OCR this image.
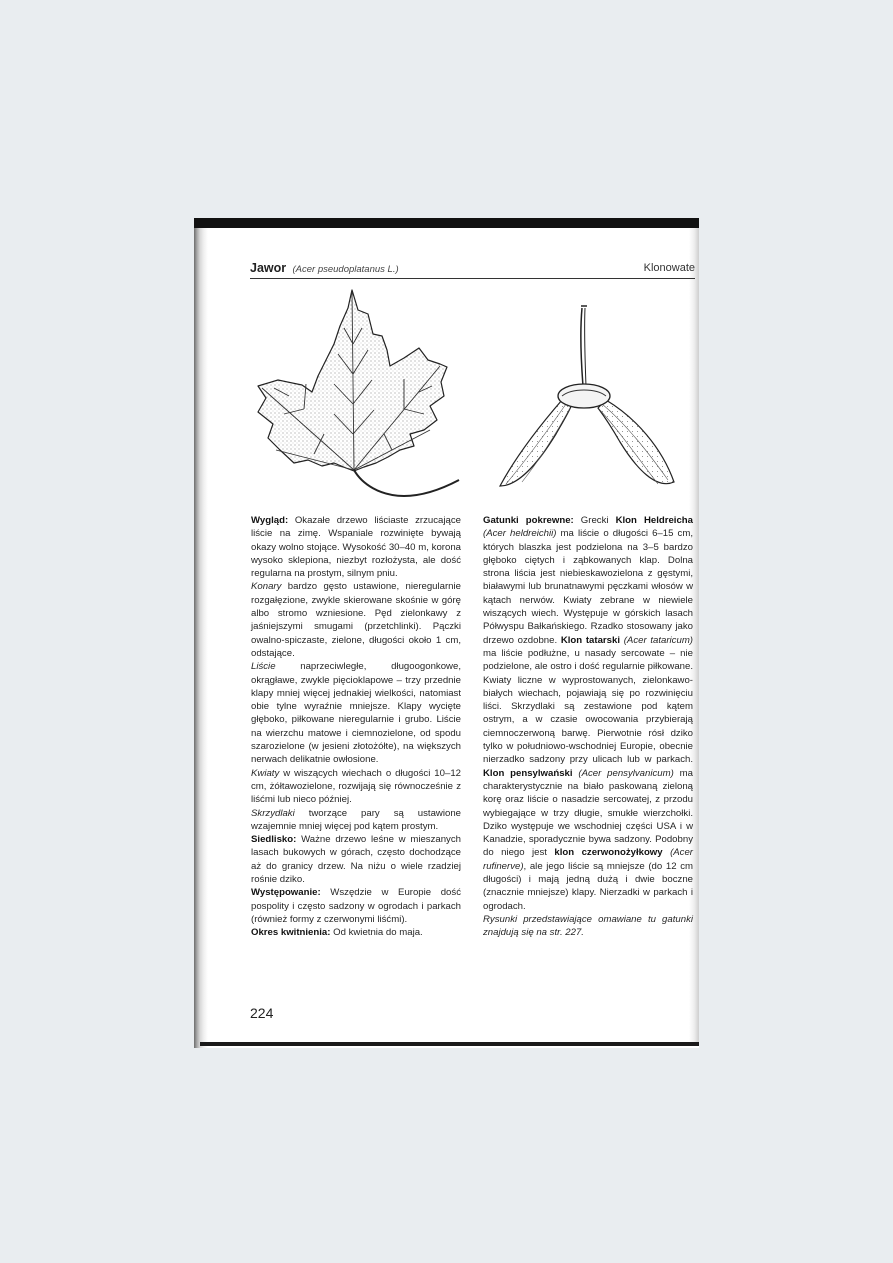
Jawor (Acer pseudoplatanus L.)	Klonowate

Wygląd: Okazałe drzewo liściaste zrzucające liście na zimę. Wspaniale rozwinięte bywają okazy wolno stojące. Wysokość 30–40 m, korona wysoko sklepiona, niezbyt rozłożysta, ale dość regularna na prostym, silnym pniu.

Konary bardzo gęsto ustawione, nieregularnie rozgałęzione, zwykle skierowane skośnie w górę albo stromo wzniesione. Pęd zielonkawy z jaśniejszymi smugami (przetchlinki). Pączki owalno-spiczaste, zielone, długości około 1 cm, odstające.

Liście naprzeciwległe, długoogonkowe, okrągławe, zwykle pięcioklapowe – trzy przednie klapy mniej więcej jednakiej wielkości, natomiast obie tylne wyraźnie mniejsze. Klapy wycięte głęboko, piłkowane nieregularnie i grubo. Liście na wierzchu matowe i ciemnozielone, od spodu szarozielone (w jesieni złotożółte), na większych nerwach delikatnie owłosione.

Kwiaty w wiszących wiechach o długości 10–12 cm, żółtawozielone, rozwijają się równocześnie z liśćmi lub nieco później.

Skrzydlaki tworzące pary są ustawione wzajemnie mniej więcej pod kątem prostym.

Siedlisko: Ważne drzewo leśne w mieszanych lasach bukowych w górach, często dochodzące aż do granicy drzew. Na niżu o wiele rzadziej rośnie dziko.

Występowanie: Wszędzie w Europie dość pospolity i często sadzony w ogrodach i parkach (również formy z czerwonymi liśćmi).

Okres kwitnienia: Od kwietnia do maja.

Gatunki pokrewne: Grecki Klon Heldreicha (Acer heldreichii) ma liście o długości 6–15 cm, których blaszka jest podzielona na 3–5 bardzo głęboko ciętych i ząbkowanych klap. Dolna strona liścia jest niebieskawozielona z gęstymi, białawymi lub brunatnawymi pęczkami włosów w kątach nerwów. Kwiaty zebrane w niewiele wiszących wiech. Występuje w górskich lasach Półwyspu Bałkańskiego. Rzadko stosowany jako drzewo ozdobne. Klon tatarski (Acer tataricum) ma liście podłużne, u nasady sercowate – nie podzielone, ale ostro i dość regularnie piłkowane. Kwiaty liczne w wyprostowanych, zielonkawo-białych wiechach, pojawiają się po rozwinięciu liści. Skrzydlaki są zestawione pod kątem ostrym, a w czasie owocowania przybierają ciemnoczerwoną barwę. Pierwotnie rósł dziko tylko w południowo-wschodniej Europie, obecnie nierzadko sadzony przy ulicach lub w parkach. Klon pensylwański (Acer pensylvanicum) ma charakterystycznie na biało paskowaną zieloną korę oraz liście o nasadzie sercowatej, z przodu wybiegające w trzy długie, smukłe wierzchołki. Dziko występuje we wschodniej części USA i w Kanadzie, sporadycznie bywa sadzony. Podobny do niego jest klon czerwonożyłkowy (Acer rufinerve), ale jego liście są mniejsze (do 12 cm długości) i mają jedną dużą i dwie boczne (znacznie mniejsze) klapy. Nierzadki w parkach i ogrodach.

Rysunki przedstawiające omawiane tu gatunki znajdują się na str. 227.

224
